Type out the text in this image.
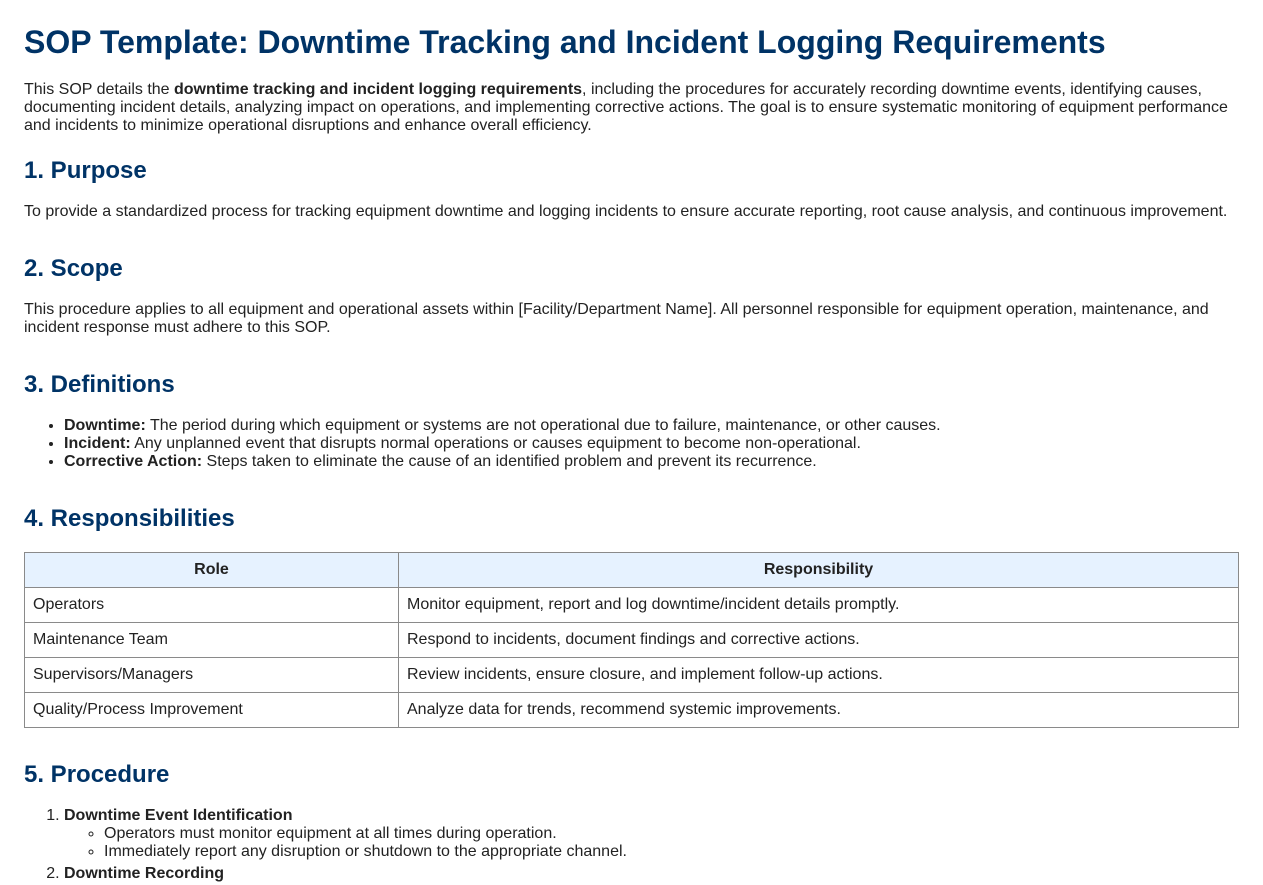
SOP Template: Downtime Tracking and Incident Logging Requirements

This SOP details the downtime tracking and incident logging requirements, including the procedures for accurately recording downtime events, identifying causes, documenting incident details, analyzing impact on operations, and implementing corrective actions. The goal is to ensure systematic monitoring of equipment performance and incidents to minimize operational disruptions and enhance overall efficiency.

1. Purpose

To provide a standardized process for tracking equipment downtime and logging incidents to ensure accurate reporting, root cause analysis, and continuous improvement.

2. Scope

This procedure applies to all equipment and operational assets within [Facility/Department Name]. All personnel responsible for equipment operation, maintenance, and incident response must adhere to this SOP.

3. Definitions
• Downtime: The period during which equipment or systems are not operational due to failure, maintenance, or other causes.
• Incident: Any unplanned event that disrupts normal operations or causes equipment to become non-operational.
• Corrective Action: Steps taken to eliminate the cause of an identified problem and prevent its recurrence.
4. Responsibilities
Role	Responsibility
Operators	Monitor equipment, report and log downtime/incident details promptly.
Maintenance Team	Respond to incidents, document findings and corrective actions.
Supervisors/Managers	Review incidents, ensure closure, and implement follow-up actions.
Quality/Process Improvement	Analyze data for trends, recommend systemic improvements.
5. Procedure
1. Downtime Event Identification
◦ Operators must monitor equipment at all times during operation.
◦ Immediately report any disruption or shutdown to the appropriate channel.
2. Downtime Recording
